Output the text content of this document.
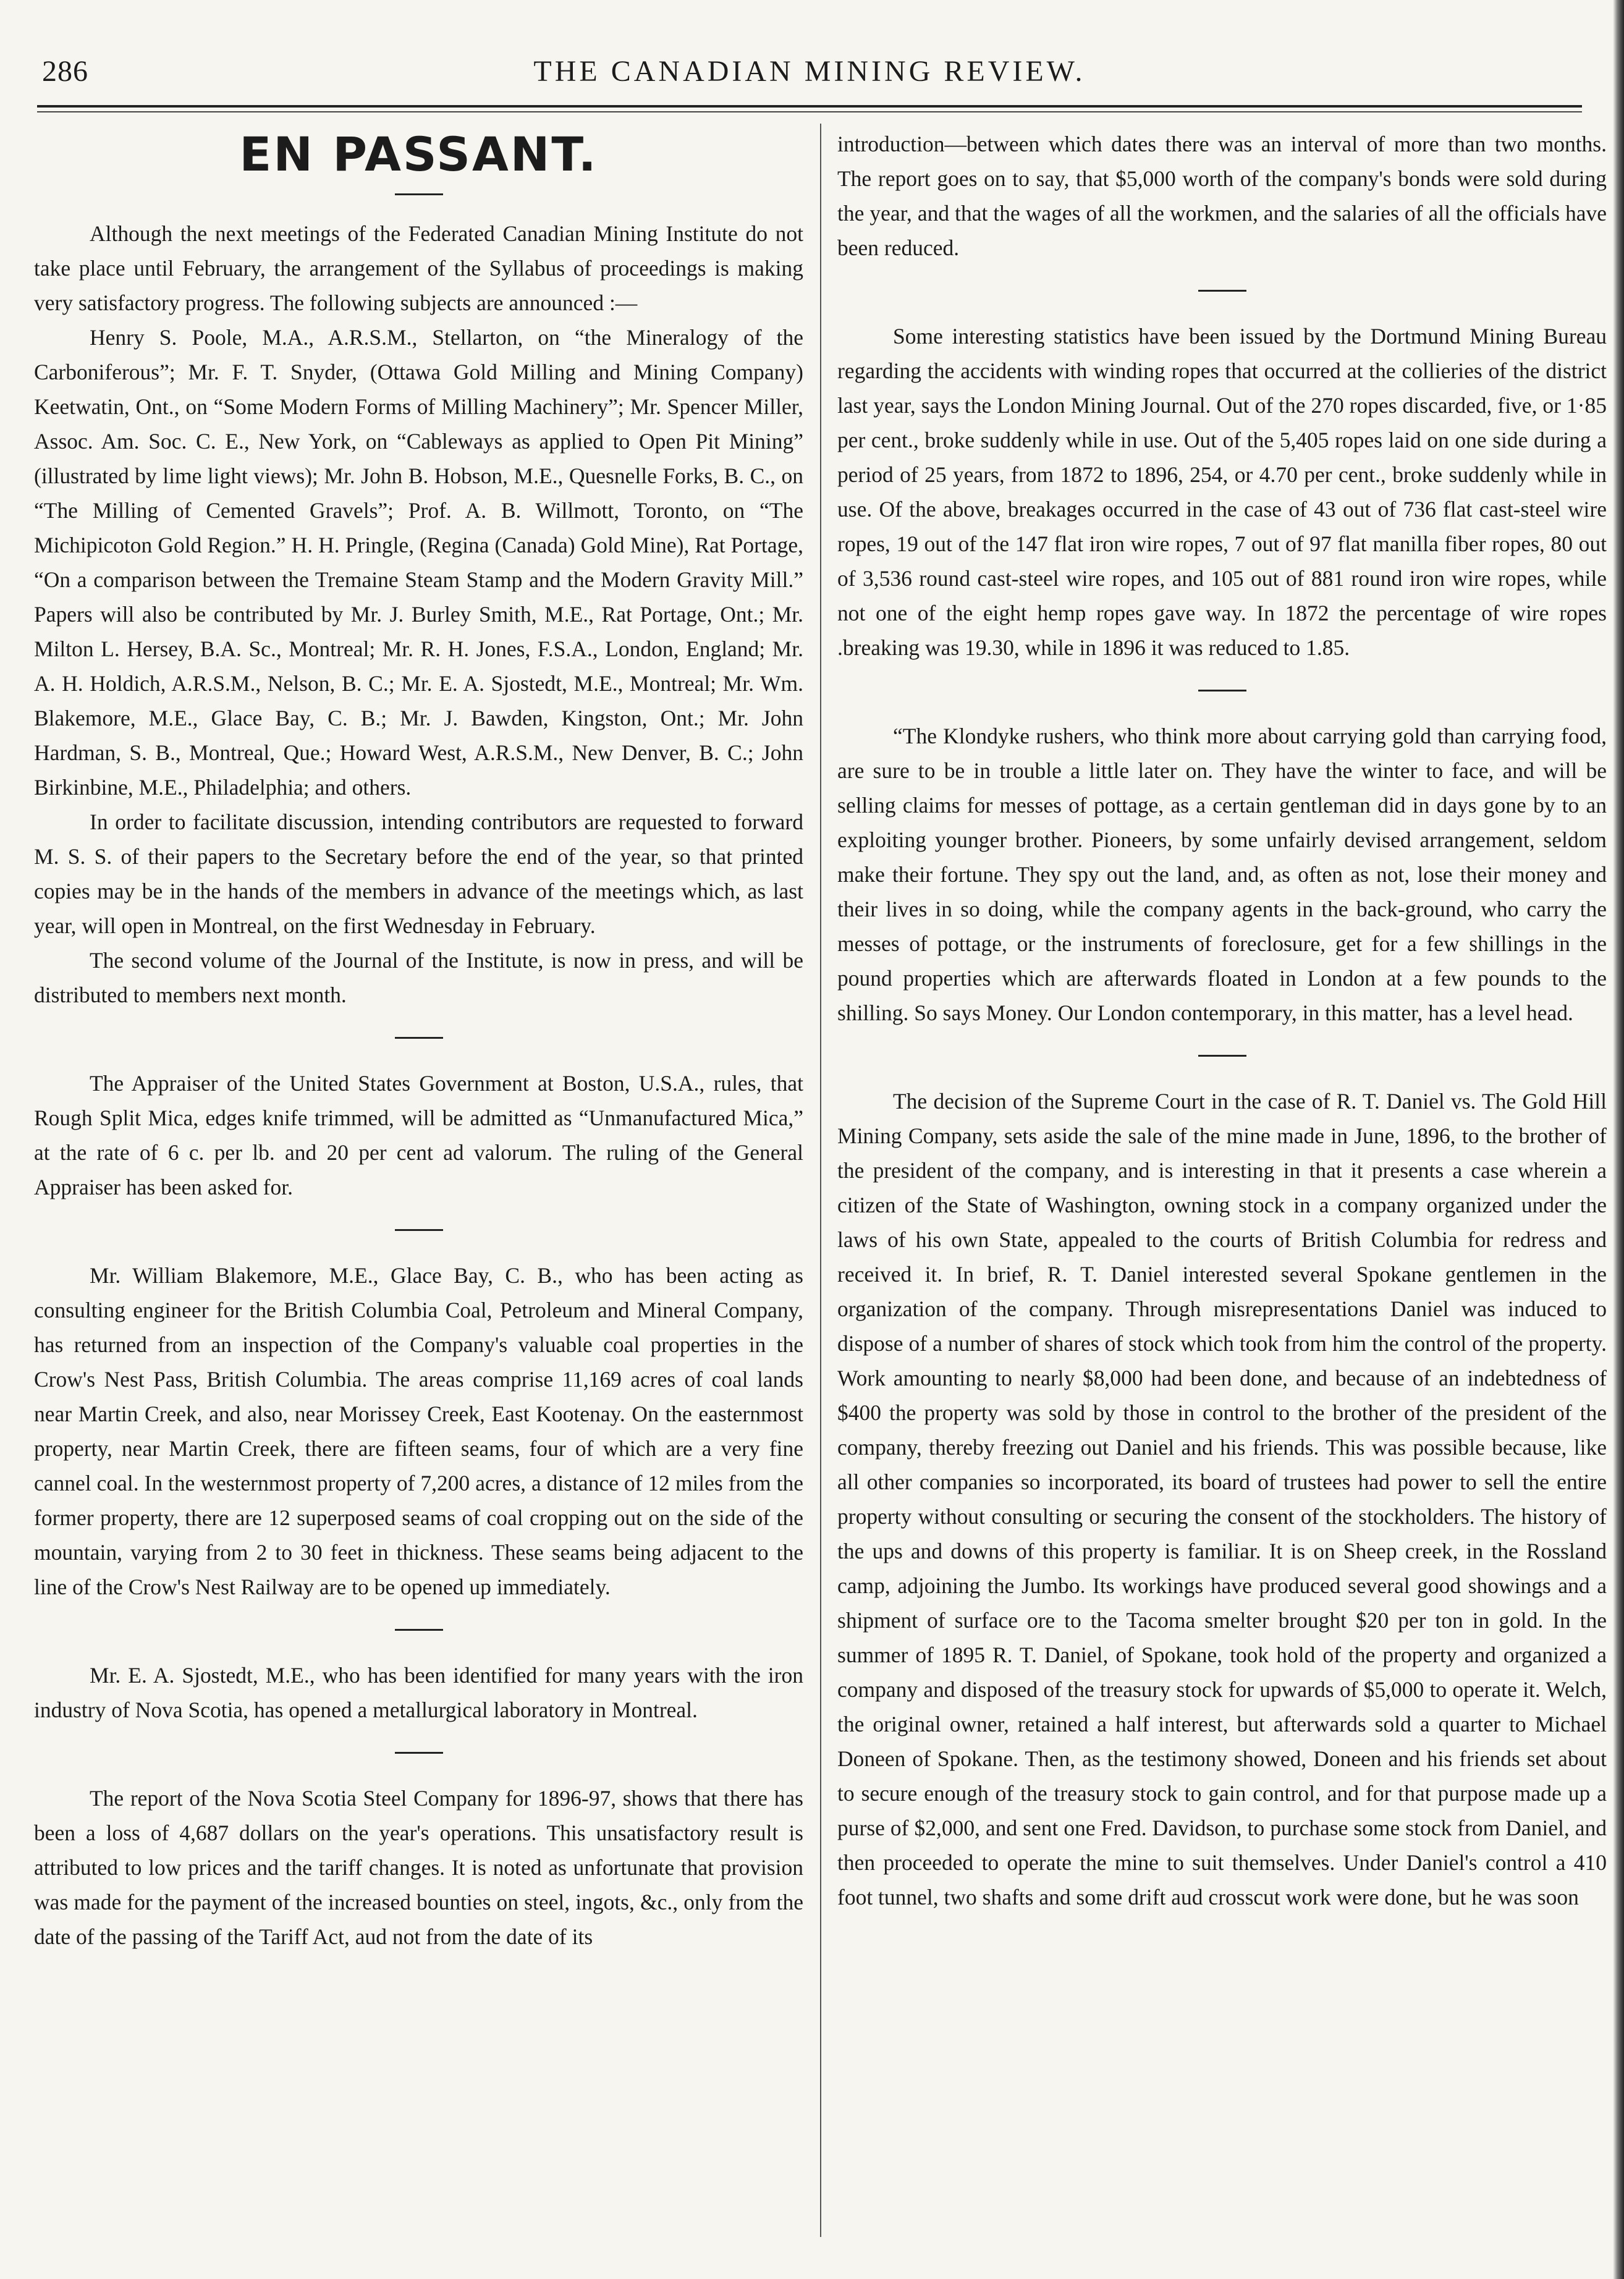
286	THE CANADIAN MINING REVIEW.
EN PASSANT.

Although the next meetings of the Federated Canadian Mining Institute do not take place until February, the arrangement of the Syllabus of proceedings is making very satisfactory progress. The following subjects are announced :—

Henry S. Poole, M.A., A.R.S.M., Stellarton, on “the Mineralogy of the Carboniferous”; Mr. F. T. Snyder, (Ottawa Gold Milling and Mining Company) Keetwatin, Ont., on “Some Modern Forms of Milling Machinery”; Mr. Spencer Miller, Assoc. Am. Soc. C. E., New York, on “Cableways as applied to Open Pit Mining” (illustrated by lime light views); Mr. John B. Hobson, M.E., Quesnelle Forks, B. C., on “The Milling of Cemented Gravels”; Prof. A. B. Willmott, Toronto, on “The Michipicoton Gold Region.” H. H. Pringle, (Regina (Canada) Gold Mine), Rat Portage, “On a comparison between the Tremaine Steam Stamp and the Modern Gravity Mill.” Papers will also be contributed by Mr. J. Burley Smith, M.E., Rat Portage, Ont.; Mr. Milton L. Hersey, B.A. Sc., Montreal; Mr. R. H. Jones, F.S.A., London, England; Mr. A. H. Holdich, A.R.S.M., Nelson, B. C.; Mr. E. A. Sjostedt, M.E., Montreal; Mr. Wm. Blakemore, M.E., Glace Bay, C. B.; Mr. J. Bawden, Kingston, Ont.; Mr. John Hardman, S. B., Montreal, Que.; Howard West, A.R.S.M., New Denver, B. C.; John Birkinbine, M.E., Philadelphia; and others.

In order to facilitate discussion, intending contributors are requested to forward M. S. S. of their papers to the Secretary before the end of the year, so that printed copies may be in the hands of the members in advance of the meetings which, as last year, will open in Montreal, on the first Wednesday in February.

The second volume of the Journal of the Institute, is now in press, and will be distributed to members next month.

The Appraiser of the United States Government at Boston, U.S.A., rules, that Rough Split Mica, edges knife trimmed, will be admitted as “Unmanufactured Mica,” at the rate of 6 c. per lb. and 20 per cent ad valorum. The ruling of the General Appraiser has been asked for.

Mr. William Blakemore, M.E., Glace Bay, C. B., who has been acting as consulting engineer for the British Columbia Coal, Petroleum and Mineral Company, has returned from an inspection of the Company's valuable coal properties in the Crow's Nest Pass, British Columbia. The areas comprise 11,169 acres of coal lands near Martin Creek, and also, near Morissey Creek, East Kootenay. On the easternmost property, near Martin Creek, there are fifteen seams, four of which are a very fine cannel coal. In the westernmost property of 7,200 acres, a distance of 12 miles from the former property, there are 12 superposed seams of coal cropping out on the side of the mountain, varying from 2 to 30 feet in thickness. These seams being adjacent to the line of the Crow's Nest Railway are to be opened up immediately.

Mr. E. A. Sjostedt, M.E., who has been identified for many years with the iron industry of Nova Scotia, has opened a metallurgical laboratory in Montreal.

The report of the Nova Scotia Steel Company for 1896-97, shows that there has been a loss of 4,687 dollars on the year's operations. This unsatisfactory result is attributed to low prices and the tariff changes. It is noted as unfortunate that provision was made for the payment of the increased bounties on steel, ingots, &c., only from the date of the passing of the Tariff Act, aud not from the date of its

introduction—between which dates there was an interval of more than two months. The report goes on to say, that $5,000 worth of the company's bonds were sold during the year, and that the wages of all the workmen, and the salaries of all the officials have been reduced.

Some interesting statistics have been issued by the Dortmund Mining Bureau regarding the accidents with winding ropes that occurred at the collieries of the district last year, says the London Mining Journal. Out of the 270 ropes discarded, five, or 1·85 per cent., broke suddenly while in use. Out of the 5,405 ropes laid on one side during a period of 25 years, from 1872 to 1896, 254, or 4.70 per cent., broke suddenly while in use. Of the above, breakages occurred in the case of 43 out of 736 flat cast-steel wire ropes, 19 out of the 147 flat iron wire ropes, 7 out of 97 flat manilla fiber ropes, 80 out of 3,536 round cast-steel wire ropes, and 105 out of 881 round iron wire ropes, while not one of the eight hemp ropes gave way. In 1872 the percentage of wire ropes .breaking was 19.30, while in 1896 it was reduced to 1.85.

“The Klondyke rushers, who think more about carrying gold than carrying food, are sure to be in trouble a little later on. They have the winter to face, and will be selling claims for messes of pottage, as a certain gentleman did in days gone by to an exploiting younger brother. Pioneers, by some unfairly devised arrangement, seldom make their fortune. They spy out the land, and, as often as not, lose their money and their lives in so doing, while the company agents in the back-ground, who carry the messes of pottage, or the instruments of foreclosure, get for a few shillings in the pound properties which are afterwards floated in London at a few pounds to the shilling. So says Money. Our London contemporary, in this matter, has a level head.

The decision of the Supreme Court in the case of R. T. Daniel vs. The Gold Hill Mining Company, sets aside the sale of the mine made in June, 1896, to the brother of the president of the company, and is interesting in that it presents a case wherein a citizen of the State of Washington, owning stock in a company organized under the laws of his own State, appealed to the courts of British Columbia for redress and received it. In brief, R. T. Daniel interested several Spokane gentlemen in the organization of the company. Through misrepresentations Daniel was induced to dispose of a number of shares of stock which took from him the control of the property. Work amounting to nearly $8,000 had been done, and because of an indebtedness of $400 the property was sold by those in control to the brother of the president of the company, thereby freezing out Daniel and his friends. This was possible because, like all other companies so incorporated, its board of trustees had power to sell the entire property without consulting or securing the consent of the stockholders. The history of the ups and downs of this property is familiar. It is on Sheep creek, in the Rossland camp, adjoining the Jumbo. Its workings have produced several good showings and a shipment of surface ore to the Tacoma smelter brought $20 per ton in gold. In the summer of 1895 R. T. Daniel, of Spokane, took hold of the property and organized a company and disposed of the treasury stock for upwards of $5,000 to operate it. Welch, the original owner, retained a half interest, but afterwards sold a quarter to Michael Doneen of Spokane. Then, as the testimony showed, Doneen and his friends set about to secure enough of the treasury stock to gain control, and for that purpose made up a purse of $2,000, and sent one Fred. Davidson, to purchase some stock from Daniel, and then proceeded to operate the mine to suit themselves. Under Daniel's control a 410 foot tunnel, two shafts and some drift aud crosscut work were done, but he was soon
